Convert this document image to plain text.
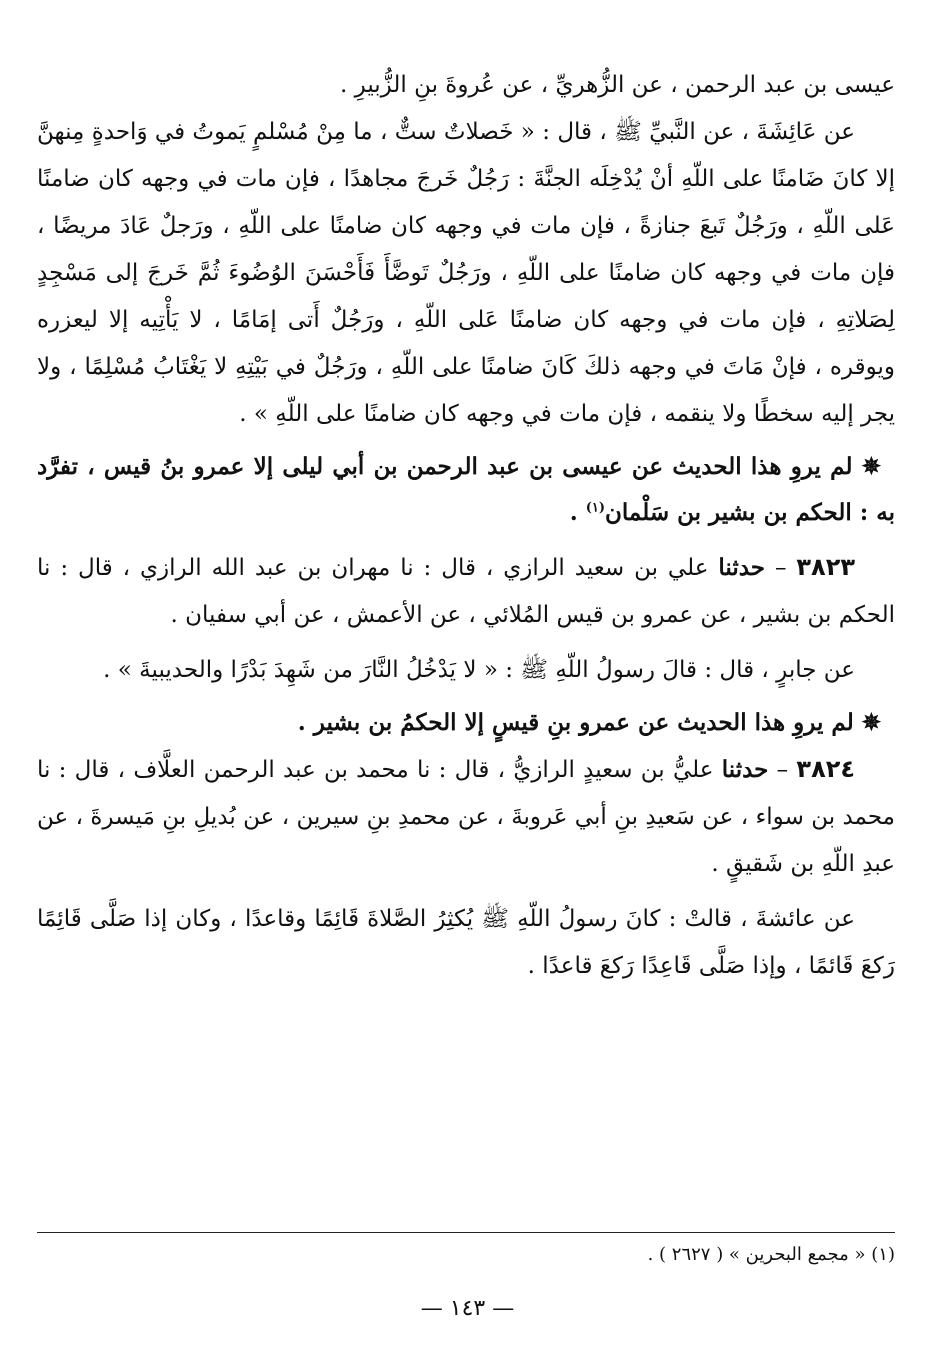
عيسى بن عبد الرحمن ، عن الزُّهريِّ ، عن عُروةَ بنِ الزُّبيرِ .

عن عَائِشَةَ ، عن النَّبيِّ ﷺ ، قال : « خَصلاتٌ ستٌّ ، ما مِنْ مُسْلمٍ يَموتُ في وَاحدةٍ مِنهنَّ إلا كانَ ضَامنًا على اللّهِ أنْ يُدْخِلَه الجنَّةَ : رَجُلٌ خَرجَ مجاهدًا ، فإن مات في وجهه كان ضامنًا عَلى اللّهِ ، ورَجُلٌ تَبعَ جنازةً ، فإن مات في وجهه كان ضامنًا على اللّهِ ، ورَجلٌ عَادَ مريضًا ، فإن مات في وجهه كان ضامنًا على اللّهِ ، ورَجُلٌ تَوضَّأَ فَأَحْسَنَ الوُضُوءَ ثُمَّ خَرجَ إلى مَسْجِدٍ لِصَلاتِهِ ، فإن مات في وجهه كان ضامنًا عَلى اللّهِ ، ورَجُلٌ أَتى إمَامًا ، لا يَأْتِيه إلا ليعزره ويوقره ، فإنْ مَاتَ في وجهه ذلكَ كَانَ ضامنًا على اللّهِ ، ورَجُلٌ في بَيْتِهِ لا يَغْتَابُ مُسْلِمًا ، ولا يجر إليه سخطًا ولا ينقمه ، فإن مات في وجهه كان ضامنًا على اللّهِ » .

✵ لم يروِ هذا الحديث عن عيسى بن عبد الرحمن بن أبي ليلى إلا عمرو بنُ قيس ، تفرَّد به : الحكم بن بشير بن سَلْمان$^{(١)}$ .

٣٨٢٣ – حدثنا علي بن سعيد الرازي ، قال : نا مهران بن عبد الله الرازي ، قال : نا الحكم بن بشير ، عن عمرو بن قيس المُلائي ، عن الأعمش ، عن أبي سفيان .

عن جابرٍ ، قال : قالَ رسولُ اللّهِ ﷺ : « لا يَدْخُلُ النَّارَ من شَهِدَ بَدْرًا والحديبيةَ » .

✵ لم يروِ هذا الحديث عن عمرو بنِ قيسٍ إلا الحكمُ بن بشير .

٣٨٢٤ – حدثنا عليُّ بن سعيدٍ الرازيُّ ، قال : نا محمد بن عبد الرحمن العلَّاف ، قال : نا محمد بن سواء ، عن سَعيدِ بنِ أبي عَروبةَ ، عن محمدِ بنِ سيرين ، عن بُديلِ بنِ مَيسرةَ ، عن عبدِ اللّهِ بن شَقيقٍ .

عن عائشةَ ، قالتْ : كانَ رسولُ اللّهِ ﷺ يُكثِرُ الصَّلاةَ قَائِمًا وقاعدًا ، وكان إذا صَلَّى قَائِمًا رَكعَ قَائمًا ، وإذا صَلَّى قَاعِدًا رَكعَ قاعدًا .

(١) « مجمع البحرين » ( ٢٦٢٧ ) .
— ١٤٣ —
